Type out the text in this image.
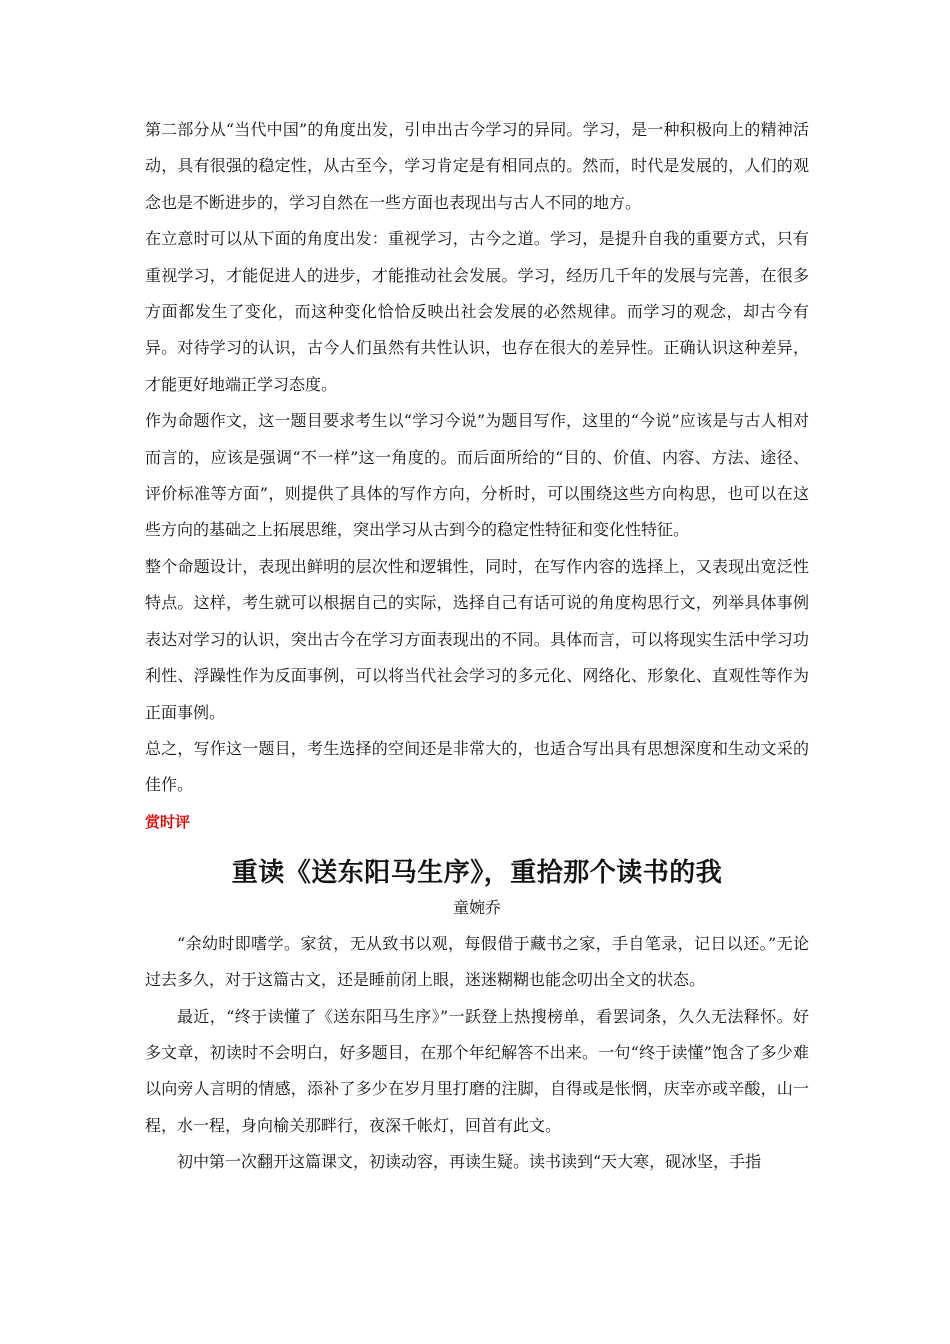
第二部分从“当代中国”的角度出发，引申出古今学习的异同。学习，是一种积极向上的精神活动，具有很强的稳定性，从古至今，学习肯定是有相同点的。然而，时代是发展的，人们的观念也是不断进步的，学习自然在一些方面也表现出与古人不同的地方。

在立意时可以从下面的角度出发：重视学习，古今之道。学习，是提升自我的重要方式，只有重视学习，才能促进人的进步，才能推动社会发展。学习，经历几千年的发展与完善，在很多方面都发生了变化，而这种变化恰恰反映出社会发展的必然规律。而学习的观念，却古今有异。对待学习的认识，古今人们虽然有共性认识，也存在很大的差异性。正确认识这种差异，才能更好地端正学习态度。

作为命题作文，这一题目要求考生以“学习今说”为题目写作，这里的“今说”应该是与古人相对而言的，应该是强调“不一样”这一角度的。而后面所给的“目的、价值、内容、方法、途径、评价标准等方面”，则提供了具体的写作方向，分析时，可以围绕这些方向构思，也可以在这些方向的基础之上拓展思维，突出学习从古到今的稳定性特征和变化性特征。

整个命题设计，表现出鲜明的层次性和逻辑性，同时，在写作内容的选择上，又表现出宽泛性特点。这样，考生就可以根据自己的实际，选择自己有话可说的角度构思行文，列举具体事例表达对学习的认识，突出古今在学习方面表现出的不同。具体而言，可以将现实生活中学习功利性、浮躁性作为反面事例，可以将当代社会学习的多元化、网络化、形象化、直观性等作为正面事例。

总之，写作这一题目，考生选择的空间还是非常大的，也适合写出具有思想深度和生动文采的佳作。

赏时评

重读《送东阳马生序》，重拾那个读书的我

童婉乔

“余幼时即嗜学。家贫，无从致书以观，每假借于藏书之家，手自笔录，记日以还。”无论过去多久，对于这篇古文，还是睡前闭上眼，迷迷糊糊也能念叨出全文的状态。

最近，“终于读懂了《送东阳马生序》”一跃登上热搜榜单，看罢词条，久久无法释怀。好多文章，初读时不会明白，好多题目，在那个年纪解答不出来。一句“终于读懂”饱含了多少难以向旁人言明的情感，添补了多少在岁月里打磨的注脚，自得或是怅惘，庆幸亦或辛酸，山一程，水一程，身向榆关那畔行，夜深千帐灯，回首有此文。

初中第一次翻开这篇课文，初读动容，再读生疑。读书读到“天大寒，砚冰坚，手指
